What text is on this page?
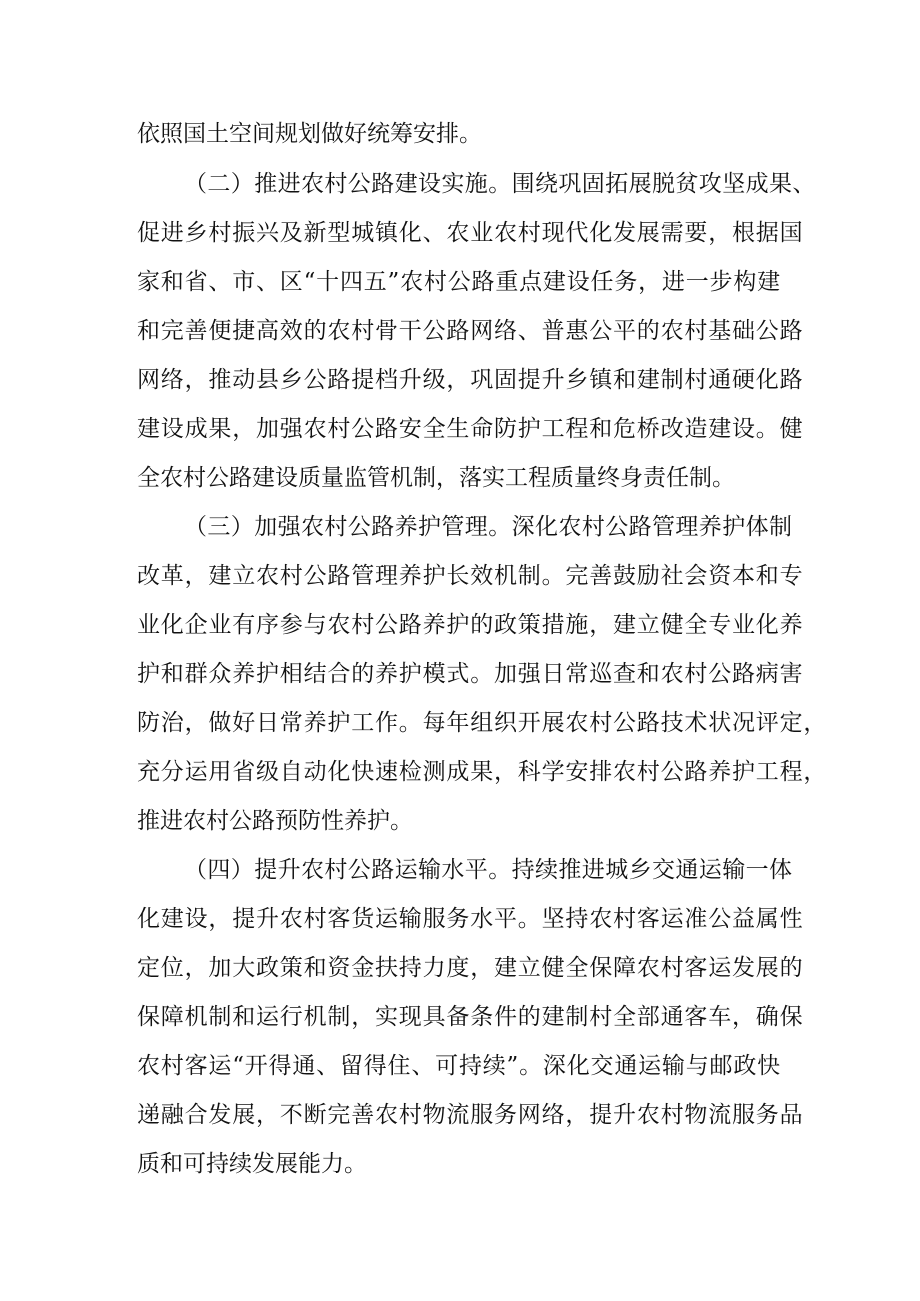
依照国土空间规划做好统筹安排。
（二）推进农村公路建设实施。围绕巩固拓展脱贫攻坚成果、
促进乡村振兴及新型城镇化、农业农村现代化发展需要，根据国
家和省、市、区“十四五”农村公路重点建设任务，进一步构建
和完善便捷高效的农村骨干公路网络、普惠公平的农村基础公路
网络，推动县乡公路提档升级，巩固提升乡镇和建制村通硬化路
建设成果，加强农村公路安全生命防护工程和危桥改造建设。健
全农村公路建设质量监管机制，落实工程质量终身责任制。
（三）加强农村公路养护管理。深化农村公路管理养护体制
改革，建立农村公路管理养护长效机制。完善鼓励社会资本和专
业化企业有序参与农村公路养护的政策措施，建立健全专业化养
护和群众养护相结合的养护模式。加强日常巡查和农村公路病害
防治，做好日常养护工作。每年组织开展农村公路技术状况评定，
充分运用省级自动化快速检测成果，科学安排农村公路养护工程，
推进农村公路预防性养护。
（四）提升农村公路运输水平。持续推进城乡交通运输一体
化建设，提升农村客货运输服务水平。坚持农村客运准公益属性
定位，加大政策和资金扶持力度，建立健全保障农村客运发展的
保障机制和运行机制，实现具备条件的建制村全部通客车，确保
农村客运“开得通、留得住、可持续”。深化交通运输与邮政快
递融合发展，不断完善农村物流服务网络，提升农村物流服务品
质和可持续发展能力。
